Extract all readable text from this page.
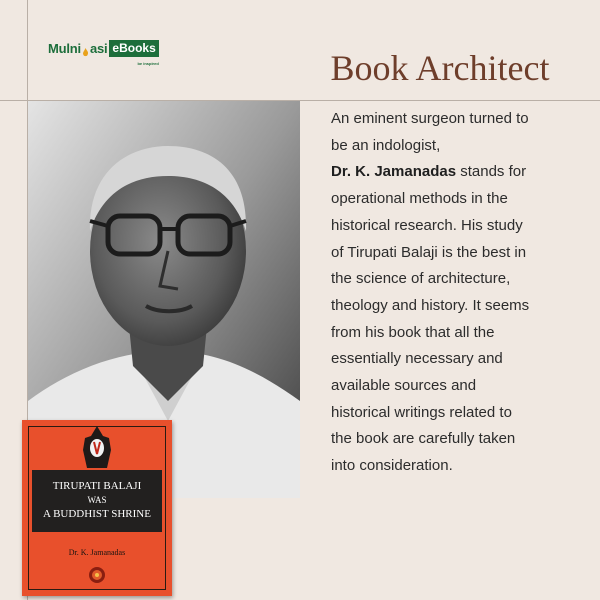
Mulni asi eBooks
be inspired	Book Architect
TIRUPATI BALAJI
WAS
A BUDDHIST SHRINE
Dr. K. Jamanadas

An eminent surgeon turned to

be an indologist,

Dr. K. Jamanadas stands for

operational methods in the

historical research. His study

of Tirupati Balaji is the best in

the science of architecture,

theology and history. It seems

from his book that all the

essentially necessary and

available sources and

historical writings related to

the book are carefully taken

into consideration.
